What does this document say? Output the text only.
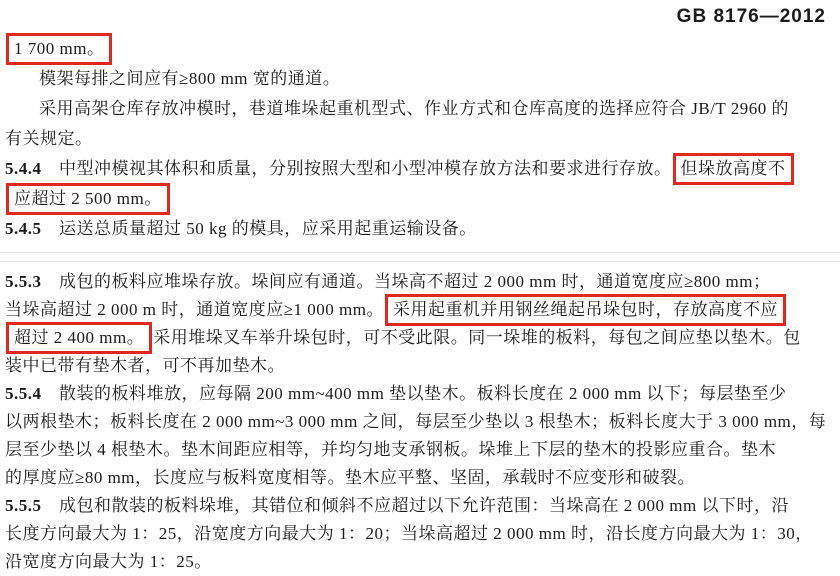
GB 8176—2012
1 700 mm。
模架每排之间应有≥800 mm 宽的通道。
采用高架仓库存放冲模时，巷道堆垛起重机型式、作业方式和仓库高度的选择应符合 JB/T 2960 的
有关规定。
5.4.4　中型冲模视其体积和质量，分别按照大型和小型冲模存放方法和要求进行存放。 但垛放高度不
应超过 2 500 mm。
5.4.5　运送总质量超过 50 kg 的模具，应采用起重运输设备。
5.5.3　成包的板料应堆垛存放。垛间应有通道。当垛高不超过 2 000 mm 时，通道宽度应≥800 mm；
当垛高超过 2 000 m 时，通道宽度应≥1 000 mm。 采用起重机并用钢丝绳起吊垛包时，存放高度不应
超过 2 400 mm。 采用堆垛叉车举升垛包时，可不受此限。同一垛堆的板料，每包之间应垫以垫木。包
装中已带有垫木者，可不再加垫木。
5.5.4　散装的板料堆放，应每隔 200 mm~400 mm 垫以垫木。板料长度在 2 000 mm 以下；每层垫至少
以两根垫木；板料长度在 2 000 mm~3 000 mm 之间，每层至少垫以 3 根垫木；板料长度大于 3 000 mm，每
层至少垫以 4 根垫木。垫木间距应相等，并均匀地支承钢板。垛堆上下层的垫木的投影应重合。垫木
的厚度应≥80 mm，长度应与板料宽度相等。垫木应平整、坚固，承载时不应变形和破裂。
5.5.5　成包和散装的板料垛堆，其错位和倾斜不应超过以下允许范围：当垛高在 2 000 mm 以下时，沿
长度方向最大为 1：25，沿宽度方向最大为 1：20；当垛高超过 2 000 mm 时，沿长度方向最大为 1：30，
沿宽度方向最大为 1：25。
